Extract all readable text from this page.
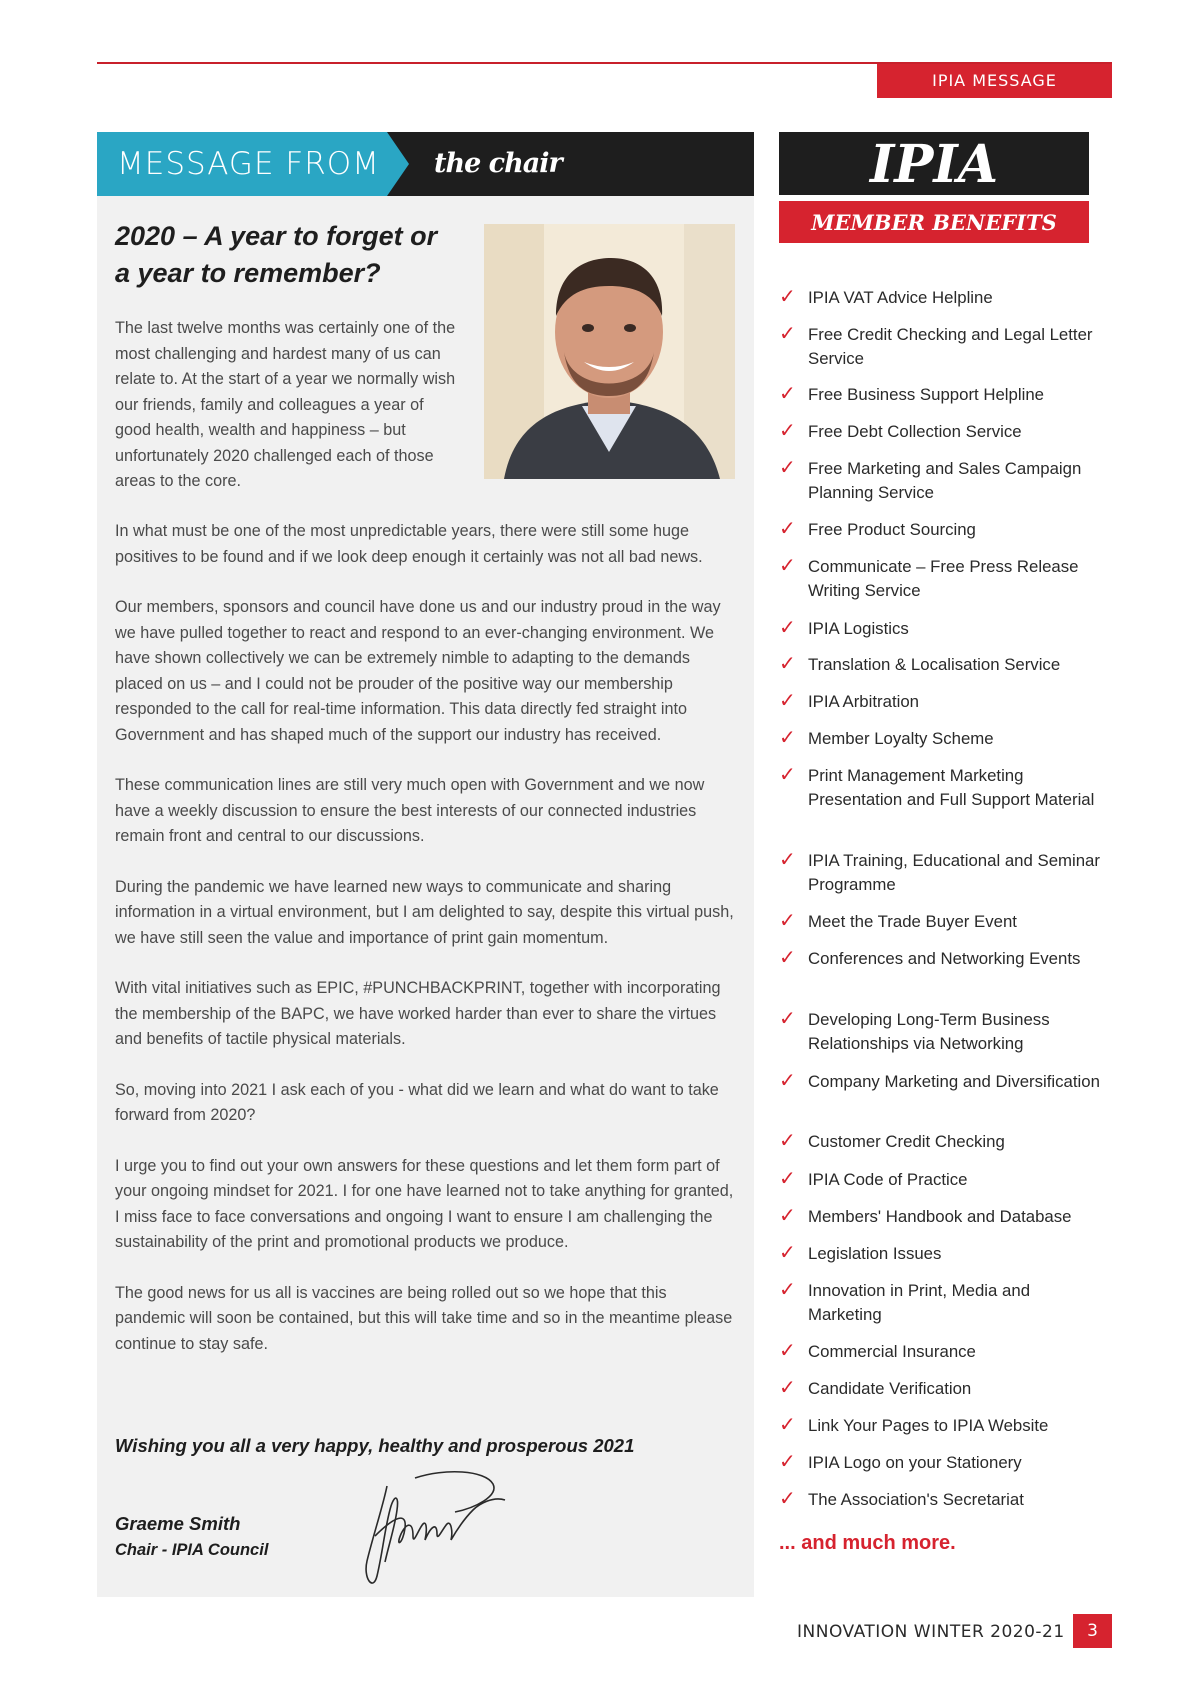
IPIA MESSAGE
MESSAGE FROM the chair
2020 – A year to forget or a year to remember?

The last twelve months was certainly one of the most challenging and hardest many of us can relate to. At the start of a year we normally wish our friends, family and colleagues a year of good health, wealth and happiness – but unfortunately 2020 challenged each of those areas to the core.

In what must be one of the most unpredictable years, there were still some huge positives to be found and if we look deep enough it certainly was not all bad news.

Our members, sponsors and council have done us and our industry proud in the way we have pulled together to react and respond to an ever-changing environment. We have shown collectively we can be extremely nimble to adapting to the demands placed on us – and I could not be prouder of the positive way our membership responded to the call for real-time information. This data directly fed straight into Government and has shaped much of the support our industry has received.

These communication lines are still very much open with Government and we now have a weekly discussion to ensure the best interests of our connected industries remain front and central to our discussions.

During the pandemic we have learned new ways to communicate and sharing information in a virtual environment, but I am delighted to say, despite this virtual push, we have still seen the value and importance of print gain momentum.

With vital initiatives such as EPIC, #PUNCHBACKPRINT, together with incorporating the membership of the BAPC, we have worked harder than ever to share the virtues and benefits of tactile physical materials.

So, moving into 2021 I ask each of you - what did we learn and what do want to take forward from 2020?

I urge you to find out your own answers for these questions and let them form part of your ongoing mindset for 2021. I for one have learned not to take anything for granted, I miss face to face conversations and ongoing I want to ensure I am challenging the sustainability of the print and promotional products we produce.

The good news for us all is vaccines are being rolled out so we hope that this pandemic will soon be contained, but this will take time and so in the meantime please continue to stay safe.

Wishing you all a very happy, healthy and prosperous 2021

Graeme Smith
Chair - IPIA Council
IPIA
MEMBER BENEFITS
✓ IPIA VAT Advice Helpline
✓ Free Credit Checking and Legal Letter Service
✓ Free Business Support Helpline
✓ Free Debt Collection Service
✓ Free Marketing and Sales Campaign Planning Service
✓ Free Product Sourcing
✓ Communicate – Free Press Release Writing Service
✓ IPIA Logistics
✓ Translation & Localisation Service
✓ IPIA Arbitration
✓ Member Loyalty Scheme
✓ Print Management Marketing Presentation and Full Support Material
✓ IPIA Training, Educational and Seminar Programme
✓ Meet the Trade Buyer Event
✓ Conferences and Networking Events
✓ Developing Long-Term Business Relationships via Networking
✓ Company Marketing and Diversification
✓ Customer Credit Checking
✓ IPIA Code of Practice
✓ Members' Handbook and Database
✓ Legislation Issues
✓ Innovation in Print, Media and Marketing
✓ Commercial Insurance
✓ Candidate Verification
✓ Link Your Pages to IPIA Website
✓ IPIA Logo on your Stationery
✓ The Association's Secretariat
... and much more.
INNOVATION WINTER 2020-21	3
